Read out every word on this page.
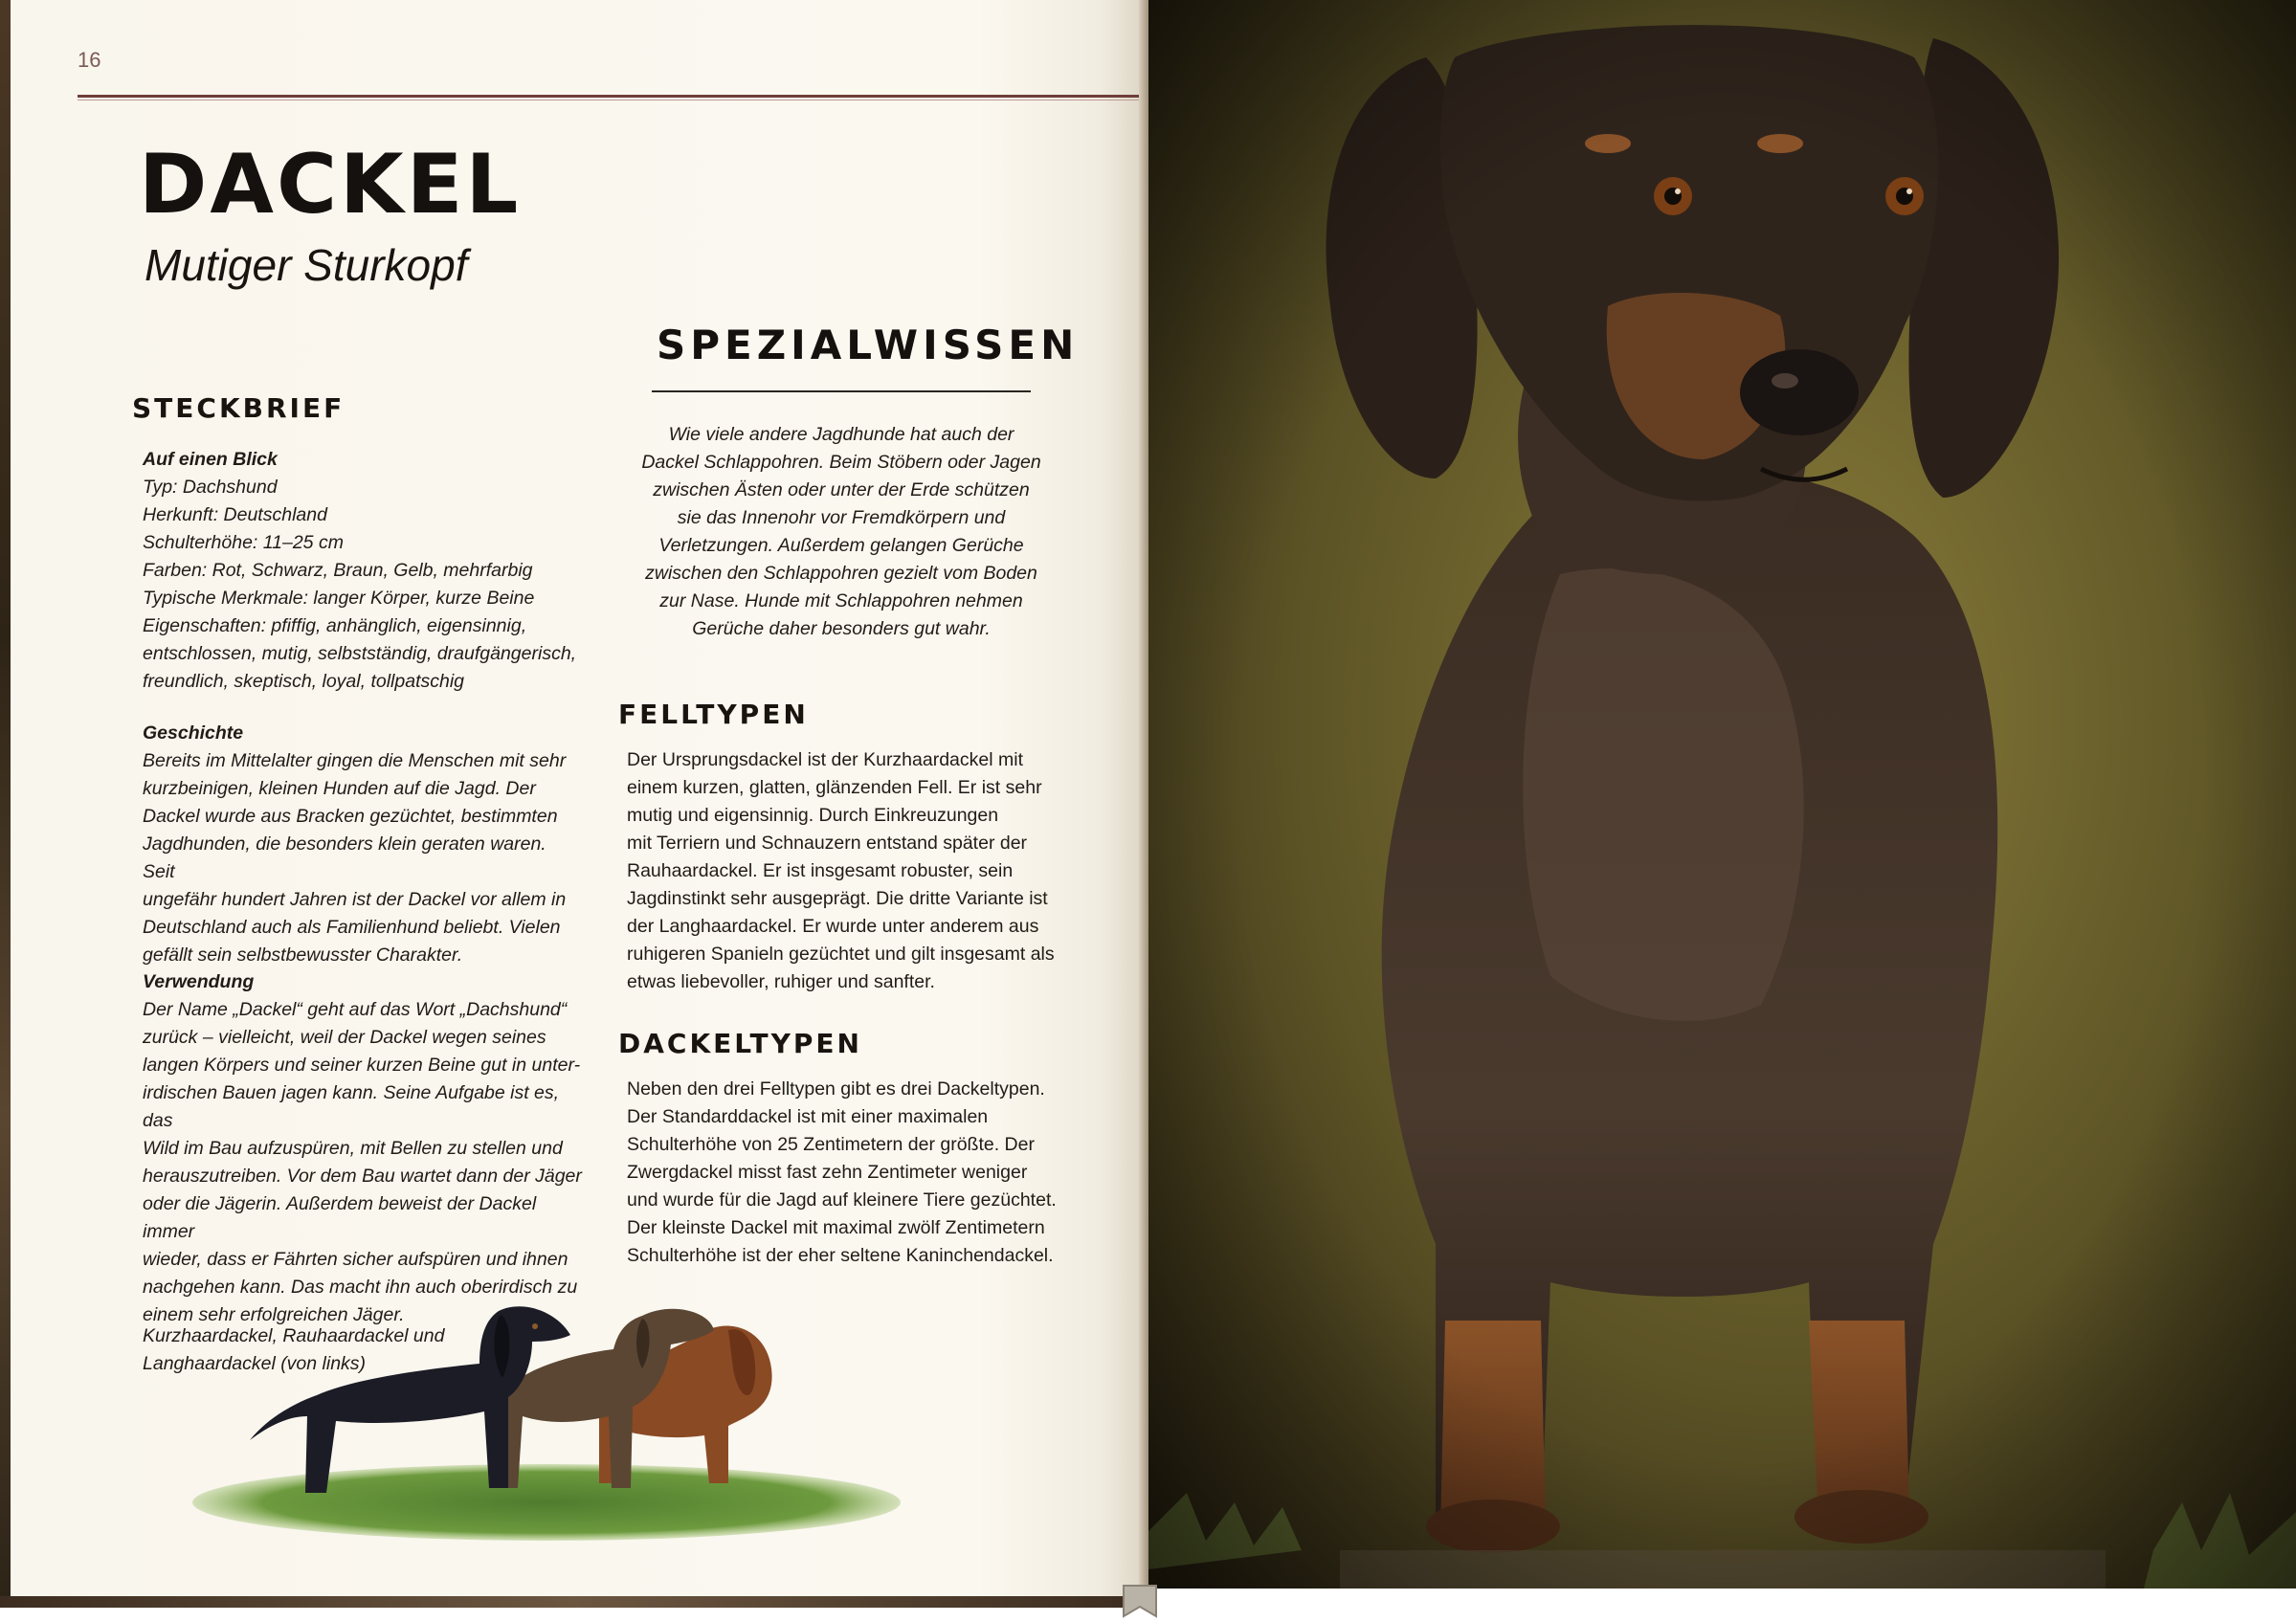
16
DACKEL
Mutiger Sturkopf
STECKBRIEF
Auf einen Blick
Typ: Dachshund
Herkunft: Deutschland
Schulterhöhe: 11–25 cm
Farben: Rot, Schwarz, Braun, Gelb, mehrfarbig
Typische Merkmale: langer Körper, kurze Beine
Eigenschaften: pfiffig, anhänglich, eigensinnig,
entschlossen, mutig, selbstständig, draufgängerisch,
freundlich, skeptisch, loyal, tollpatschig
Geschichte
Bereits im Mittelalter gingen die Menschen mit sehr
kurzbeinigen, kleinen Hunden auf die Jagd. Der
Dackel wurde aus Bracken gezüchtet, bestimmten
Jagdhunden, die besonders klein geraten waren. Seit
ungefähr hundert Jahren ist der Dackel vor allem in
Deutschland auch als Familienhund beliebt. Vielen
gefällt sein selbstbewusster Charakter.
Verwendung
Der Name „Dackel“ geht auf das Wort „Dachshund“
zurück – vielleicht, weil der Dackel wegen seines
langen Körpers und seiner kurzen Beine gut in unter-
irdischen Bauen jagen kann. Seine Aufgabe ist es, das
Wild im Bau aufzuspüren, mit Bellen zu stellen und
herauszutreiben. Vor dem Bau wartet dann der Jäger
oder die Jägerin. Außerdem beweist der Dackel immer
wieder, dass er Fährten sicher aufspüren und ihnen
nachgehen kann. Das macht ihn auch oberirdisch zu
einem sehr erfolgreichen Jäger.
SPEZIALWISSEN
Wie viele andere Jagdhunde hat auch der
Dackel Schlappohren. Beim Stöbern oder Jagen
zwischen Ästen oder unter der Erde schützen
sie das Innenohr vor Fremdkörpern und
Verletzungen. Außerdem gelangen Gerüche
zwischen den Schlappohren gezielt vom Boden
zur Nase. Hunde mit Schlappohren nehmen
Gerüche daher besonders gut wahr.
FELLTYPEN
Der Ursprungsdackel ist der Kurzhaardackel mit
einem kurzen, glatten, glänzenden Fell. Er ist sehr
mutig und eigensinnig. Durch Einkreuzungen
mit Terriern und Schnauzern entstand später der
Rauhaardackel. Er ist insgesamt robuster, sein
Jagdinstinkt sehr ausgeprägt. Die dritte Variante ist
der Langhaardackel. Er wurde unter anderem aus
ruhigeren Spanieln gezüchtet und gilt insgesamt als
etwas liebevoller, ruhiger und sanfter.
DACKELTYPEN
Neben den drei Felltypen gibt es drei Dackeltypen.
Der Standarddackel ist mit einer maximalen
Schulterhöhe von 25 Zentimetern der größte. Der
Zwergdackel misst fast zehn Zentimeter weniger
und wurde für die Jagd auf kleinere Tiere gezüchtet.
Der kleinste Dackel mit maximal zwölf Zentimetern
Schulterhöhe ist der eher seltene Kaninchendackel.
Kurzhaardackel, Rauhaardackel und
Langhaardackel (von links)
